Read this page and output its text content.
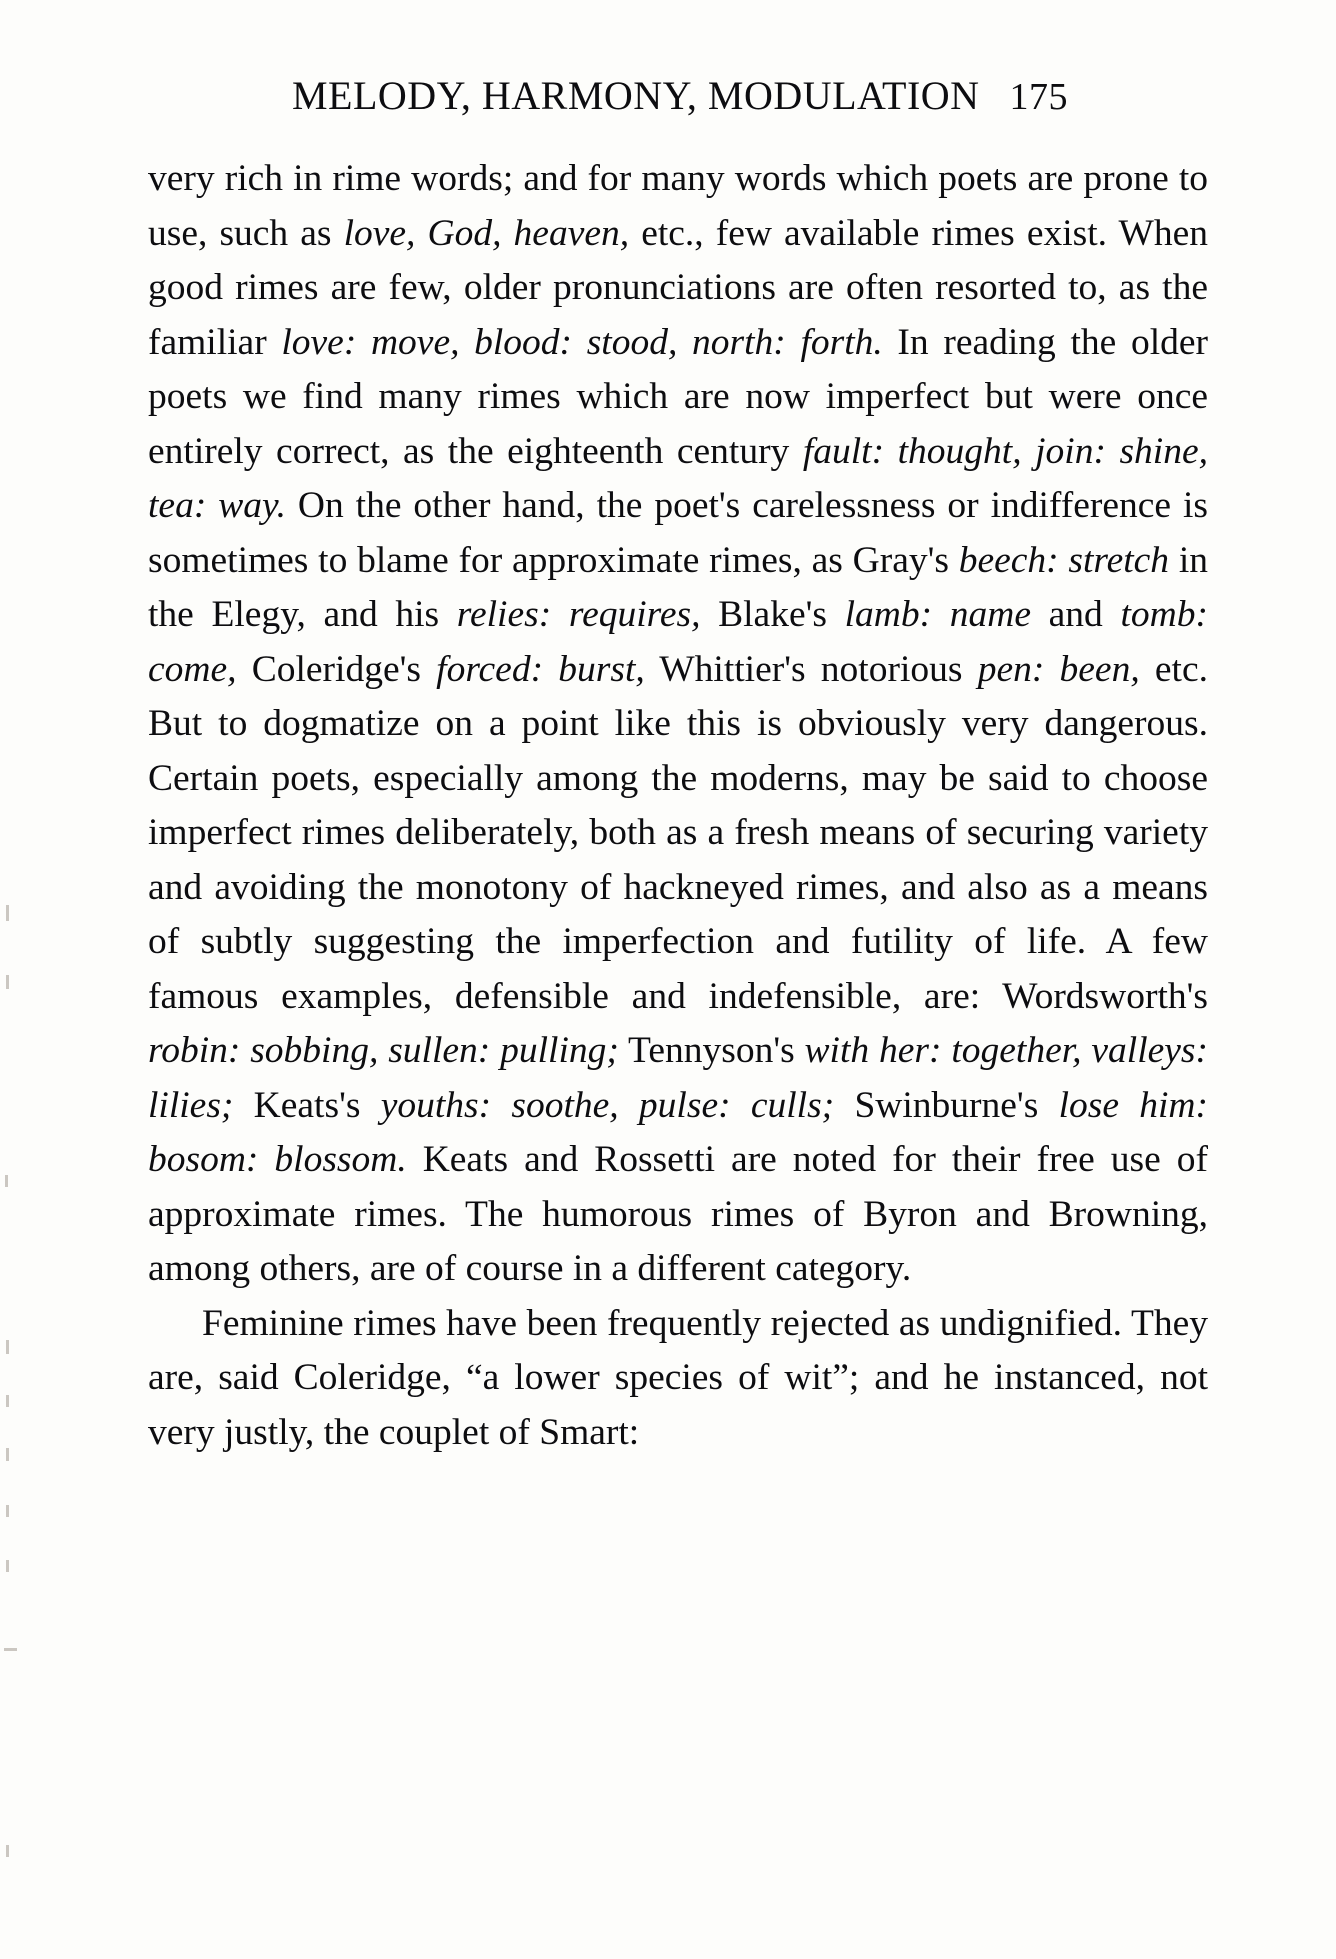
MELODY, HARMONY, MODULATION 175

very rich in rime words; and for many words which poets are prone to use, such as love, God, heaven, etc., few available rimes exist. When good rimes are few, older pronunciations are often resorted to, as the familiar love: move, blood: stood, north: forth. In reading the older poets we find many rimes which are now imperfect but were once entirely correct, as the eighteenth century fault: thought, join: shine, tea: way. On the other hand, the poet's carelessness or indifference is sometimes to blame for approximate rimes, as Gray's beech: stretch in the Elegy, and his relies: requires, Blake's lamb: name and tomb: come, Coleridge's forced: burst, Whittier's notorious pen: been, etc. But to dogmatize on a point like this is obviously very dangerous. Certain poets, especially among the moderns, may be said to choose imperfect rimes deliberately, both as a fresh means of securing variety and avoiding the monotony of hackneyed rimes, and also as a means of subtly suggesting the imperfection and futility of life. A few famous examples, defensible and indefensible, are: Wordsworth's robin: sobbing, sullen: pulling; Tennyson's with her: together, valleys: lilies; Keats's youths: soothe, pulse: culls; Swinburne's lose him: bosom: blossom. Keats and Rossetti are noted for their free use of approximate rimes. The humorous rimes of Byron and Browning, among others, are of course in a different category.

Feminine rimes have been frequently rejected as undignified. They are, said Coleridge, “a lower species of wit”; and he instanced, not very justly, the couplet of Smart:
